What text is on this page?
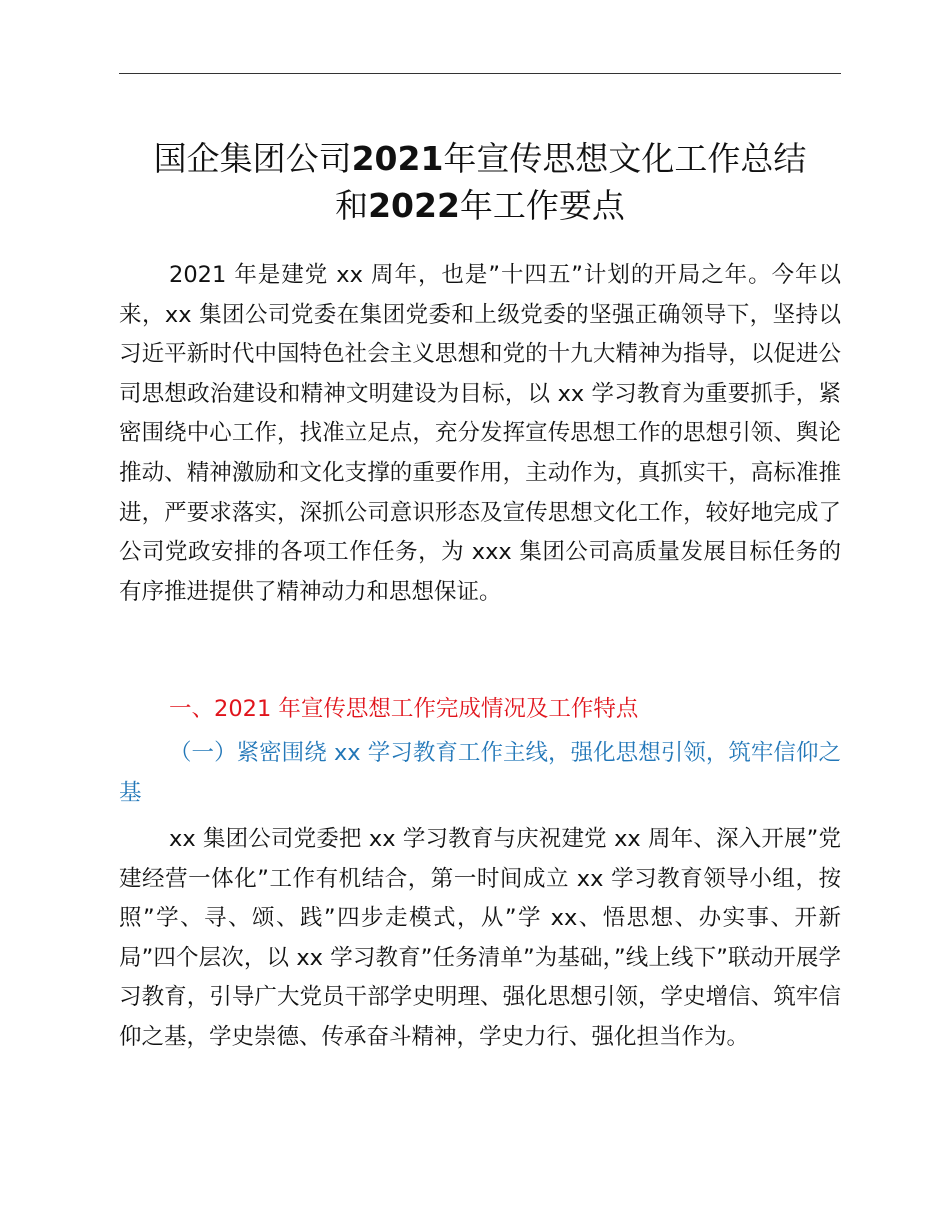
国企集团公司2021年宣传思想文化工作总结
和2022年工作要点

2021 年是建党 xx 周年，也是”十四五”计划的开局之年。今年以来，xx 集团公司党委在集团党委和上级党委的坚强正确领导下，坚持以习近平新时代中国特色社会主义思想和党的十九大精神为指导，以促进公司思想政治建设和精神文明建设为目标，以 xx 学习教育为重要抓手，紧密围绕中心工作，找准立足点，充分发挥宣传思想工作的思想引领、舆论推动、精神激励和文化支撑的重要作用，主动作为，真抓实干，高标准推进，严要求落实，深抓公司意识形态及宣传思想文化工作，较好地完成了公司党政安排的各项工作任务，为 xxx 集团公司高质量发展目标任务的有序推进提供了精神动力和思想保证。

一、2021 年宣传思想工作完成情况及工作特点

（一）紧密围绕 xx 学习教育工作主线，强化思想引领，筑牢信仰之基

xx 集团公司党委把 xx 学习教育与庆祝建党 xx 周年、深入开展”党建经营一体化”工作有机结合，第一时间成立 xx 学习教育领导小组，按照”学、寻、颂、践”四步走模式，从”学 xx、悟思想、办实事、开新局”四个层次，以 xx 学习教育”任务清单”为基础，”线上线下”联动开展学习教育，引导广大党员干部学史明理、强化思想引领，学史增信、筑牢信仰之基，学史崇德、传承奋斗精神，学史力行、强化担当作为。
